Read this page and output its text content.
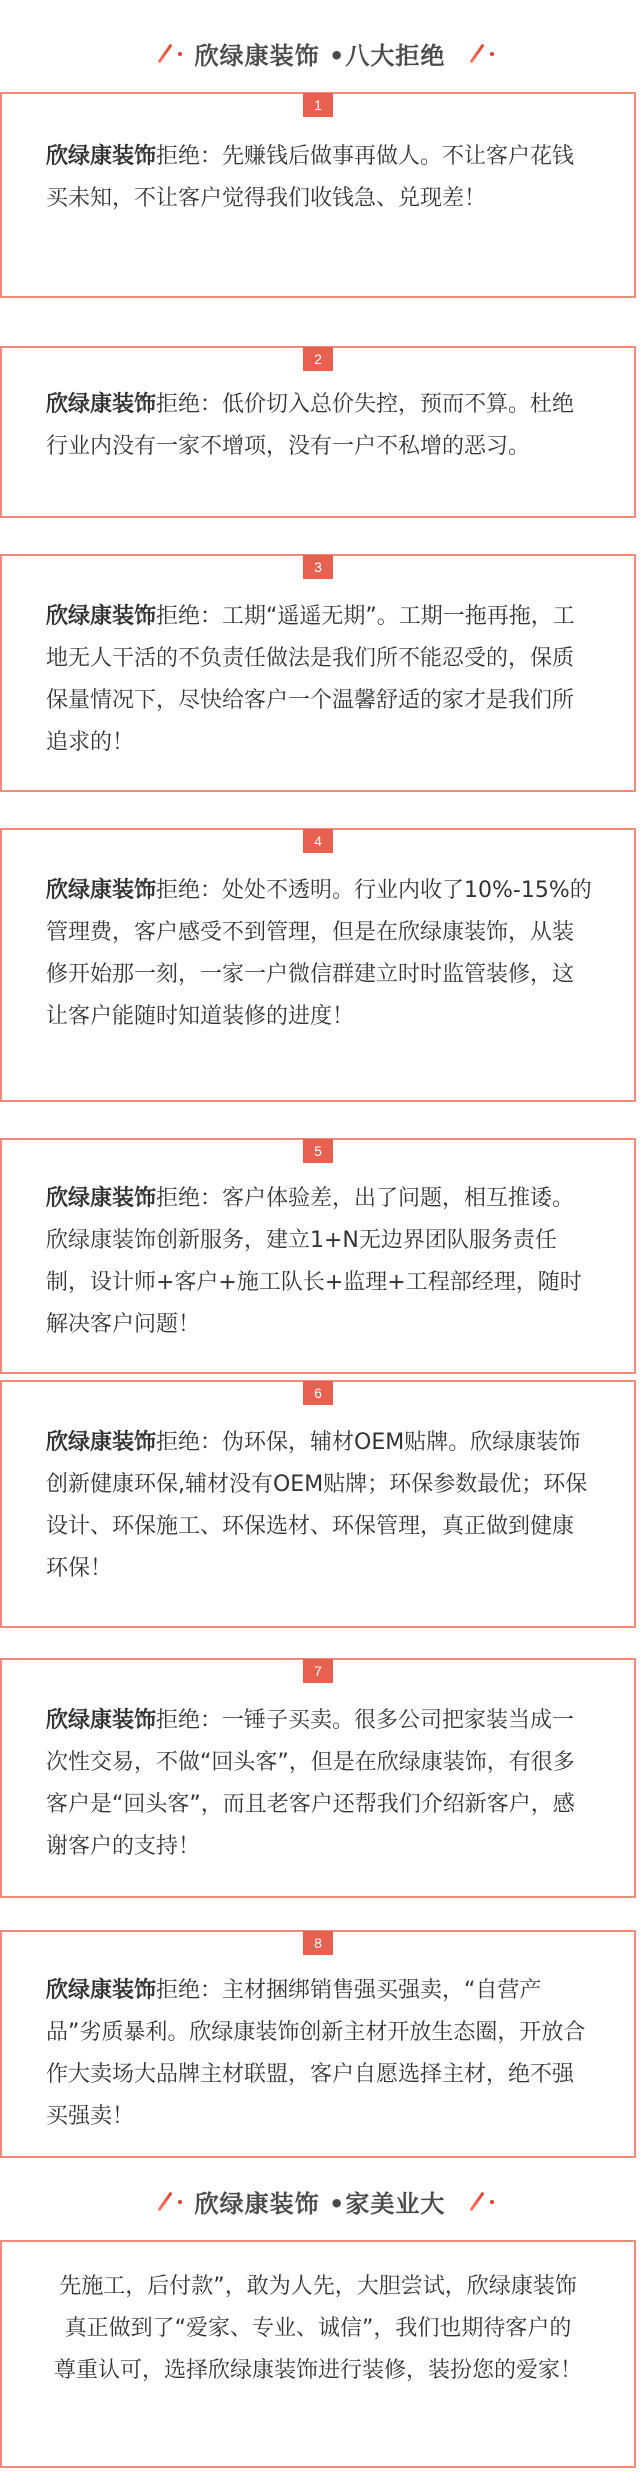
欣绿康装饰 •八大拒绝
1
欣绿康装饰拒绝：先赚钱后做事再做人。不让客户花钱买未知，不让客户觉得我们收钱急、兑现差！
2
欣绿康装饰拒绝：低价切入总价失控，预而不算。杜绝行业内没有一家不增项，没有一户不私增的恶习。
3
欣绿康装饰拒绝：工期“遥遥无期”。工期一拖再拖，工地无人干活的不负责任做法是我们所不能忍受的，保质保量情况下，尽快给客户一个温馨舒适的家才是我们所追求的！
4
欣绿康装饰拒绝：处处不透明。行业内收了10%-15%的管理费，客户感受不到管理，但是在欣绿康装饰，从装修开始那一刻，一家一户微信群建立时时监管装修，这让客户能随时知道装修的进度！
5
欣绿康装饰拒绝：客户体验差，出了问题，相互推诿。欣绿康装饰创新服务，建立1+N无边界团队服务责任制，设计师+客户+施工队长+监理+工程部经理，随时解决客户问题！
6
欣绿康装饰拒绝：伪环保，辅材OEM贴牌。欣绿康装饰创新健康环保,辅材没有OEM贴牌；环保参数最优；环保设计、环保施工、环保选材、环保管理，真正做到健康环保！
7
欣绿康装饰拒绝：一锤子买卖。很多公司把家装当成一次性交易，不做“回头客”，但是在欣绿康装饰，有很多客户是“回头客”，而且老客户还帮我们介绍新客户，感谢客户的支持！
8
欣绿康装饰拒绝：主材捆绑销售强买强卖，“自营产品”劣质暴利。欣绿康装饰创新主材开放生态圈，开放合作大卖场大品牌主材联盟，客户自愿选择主材，绝不强买强卖！
欣绿康装饰 •家美业大
先施工，后付款”，敢为人先，大胆尝试，欣绿康装饰真正做到了“爱家、专业、诚信”，我们也期待客户的尊重认可，选择欣绿康装饰进行装修，装扮您的爱家！
